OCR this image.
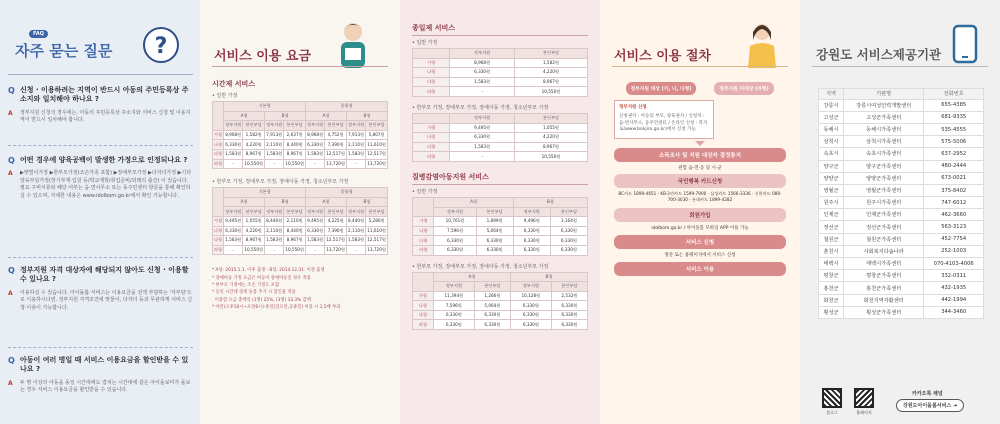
FAQ
자주 묻는 질문 ?
Q 신청 · 이용하려는 지역이 반드시 아동의 주민등록상 주소지와 일치해야 하나요 ?
A 정부지원 신청의 경우에는, 아동의 주민등록상 주소지와 서비스 신청 및 이용지역이 반드시 일치해야 합니다.
Q 어떤 경우에 양육공백이 발생한 가정으로 인정되나요 ?
A ▶맞벌이가정 ▶한부모가정(조손가족 포함) ▶장애부모가정 ▶다자녀가정 ▶기타 양육부담가정(장기부재·입원 등/학교재학/취업준비/외래의 출산) 이 있습니다. 필요 구비서류와 해당 여부는 읍·면사무소 또는 동주민센터 방문을 통해 확인하실 수 있으며, 자세한 내용은 www.idolbom.go.kr에서 확인 가능합니다.
Q 정부지원 자격 대상자에 해당되지 않아도 신청 · 이용할 수 있나요 ?
A 이용하실 수 있습니다. 아이돌봄 서비스는 이용요금을 전액 부담하는 '자부담'으로 이용하시다면, 정부지원 자격조건에 맞물이, 다자녀 등과 무관하게 서비스 신청·이용이 가능합니다.
Q 아동이 여러 명일 때 서비스 이용요금을 할인받을 수 있나요 ?
A 두 명 이상의 아동을 동일 시간대에도 겹치는 시간대에 같은 아이돌보미가 돌보는 경우 서비스 이용요금을 할인받을 수 있습니다.
서비스 이용 요금
시간제 서비스
• 일반 가정
	기본형				종합형			
	A형		B형		A형		B형	
	정부지원	본인부담	정부지원	본인부담	정부지원	본인부담	정부지원	본인부담
가형	8,968원	1,582원	7,913원	2,637원	8,968원	4,752원	7,913원	5,807원
나형	6,330원	4,220원	2,110원	8,440원	6,330원	7,390원	2,110원	11,610원
다형	1,583원	8,967원	1,583원	8,967원	1,583원	12,517원	1,583원	12,517원
라형	-	10,550원	-	10,550원	-	13,720원	-	13,720원
• 한부모 가정, 장애부모 가정, 장애아동 가정, 청소년부모 가정
	기본형				종합형			
	A형		B형		A형		B형	
	정부지원	본인부담	정부지원	본인부담	정부지원	본인부담	정부지원	본인부담
가형	9,495원	1,055원	8,440원	2,110원	9,495원	4,225원	8,440원	5,280원
나형	6,330원	4,220원	2,110원	8,440원	6,330원	7,390원	2,110원	11,610원
다형	1,583원	8,967원	1,583원	8,967원	1,583원	12,517원	1,583원	12,517원
라형	-	10,550원	-	10,550원	-	13,720원	-	13,720원
* A형: 2015.1.1. 이후 출생 · B형: 2014.12.31. 이전 출생
* 장애아동 가정 요금은 아동이 장애아동일 경우 적용
* 한부모 가정에는 조손 가정도 포함
* 동일 시간대 형제 돌봄 추가 시 할인율 적용
이용할 요금 총액의 (1명) 25%, (3명) 33.3% 감액
* 야간(오후10시~오전6시)·휴일(일요일,공휴일) 이용 시 1.5배 부과
종일제 서비스
• 일반 가정
	정부지원	본인부담
가형	8,968원	1,582원
나형	6,330원	4,220원
다형	1,583원	8,967원
라형	-	10,550원
• 한부모 가정, 장애부모 가정, 장애아동 가정, 청소년부모 가정
	정부지원	본인부담
가형	9,495원	1,055원
나형	6,330원	4,220원
다형	1,583원	8,967원
라형	-	10,550원
질병감염아동지원 서비스
• 일반 가정
	A형		B형	
	정부지원	본인부담	정부지원	본인부담
가형	10,761원	1,899원	9,496원	3,164원
나형	7,596원	5,064원	6,330원	6,330원
다형	6,330원	6,330원	6,330원	6,330원
라형	6,330원	6,330원	6,330원	6,330원
• 한부모 가정, 장애부모 가정, 장애아동 가정, 청소년부모 가정
	A형		B형	
	정부지원	본인부담	정부지원	본인부담
가형	11,394원	1,266원	10,128원	2,532원
나형	7,596원	5,064원	6,330원	6,330원
다형	6,330원	6,330원	6,330원	6,330원
라형	6,330원	6,330원	6,330원	6,330원
서비스 이용 절차
정부지원 대상 (가, 나, 다형)	정부지원 미대상 (라형)
정부지원 신청
신청권자 : 아동의 부모, 양육권자 / 신청처 : 읍·면사무소, 동주민센터 / 온라인 신청 : 복지로(www.bokjiro.go.kr)에서 신청 가능
소득조사 및 지원 대상자 결정통지
관할 읍·면·동 및 시·군
국민행복 카드신청
BC카드 1899-4651 · KB국민카드 1599-7900 · 삼성카드 1566-3336 · 신한카드 080-700-3030 · 롯데카드 1899-4282
회원가입
idolbom.go.kr / 아이돌봄 모바일 APP 이용 가능
서비스 신청
방문 또는 홈페이지에서 서비스 신청
서비스 이용
강원도 서비스제공기관
지역	기관명	전화번호
강릉시	강릉시여성인력개발센터	655-4385
고성군	고성군가족센터	681-9335
동해시	동해시가족센터	535-4555
삼척시	삼척시가족센터	575-5006
속초시	속초시가족센터	637-2952
양구군	양구군가족센터	480-2444
양양군	양양군가족센터	673-0021
영월군	영월군가족센터	375-8402
원주시	원주시가족센터	747-6012
인제군	인제군가족센터	462-3660
정선군	정선군가족센터	563-3123
철원군	철원군가족센터	452-7754
춘천시	사회복지다솜나라	252-1003
태백시	태백시가족센터	070-4103-4006
평창군	평창군가족센터	332-0311
홍천군	홍천군가족센터	432-1935
화천군	화천지역자활센터	442-1994
횡성군	횡성군가족센터	344-3460
블로그	홈페이지
카카오톡 채널
강원도아이돌봄서비스 ➜
